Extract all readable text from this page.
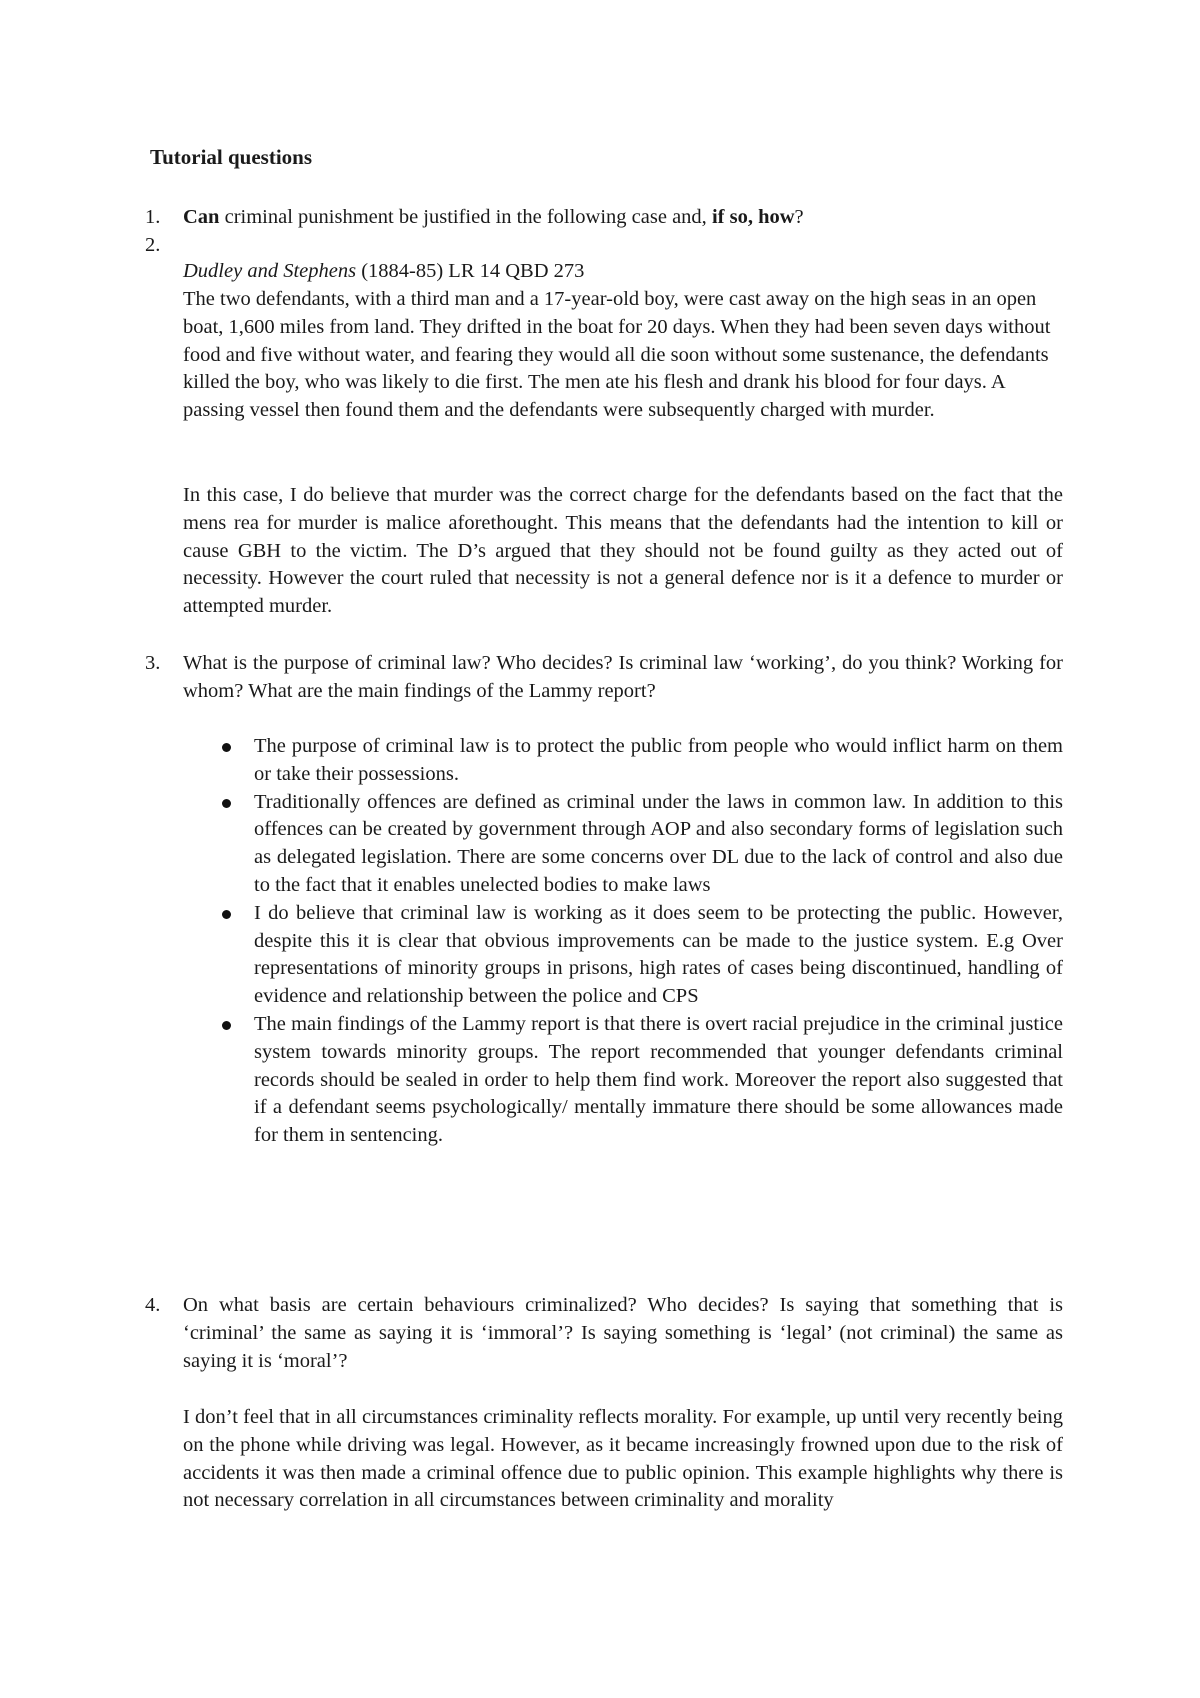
Tutorial questions
1. Can criminal punishment be justified in the following case and, if so, how?

2.

Dudley and Stephens (1884-85) LR 14 QBD 273

The two defendants, with a third man and a 17-year-old boy, were cast away on the high seas in an open boat, 1,600 miles from land. They drifted in the boat for 20 days. When they had been seven days without food and five without water, and fearing they would all die soon without some sustenance, the defendants killed the boy, who was likely to die first. The men ate his flesh and drank his blood for four days. A passing vessel then found them and the defendants were subsequently charged with murder.

In this case, I do believe that murder was the correct charge for the defendants based on the fact that the mens rea for murder is malice aforethought. This means that the defendants had the intention to kill or cause GBH to the victim. The D’s argued that they should not be found guilty as they acted out of necessity. However the court ruled that necessity is not a general defence nor is it a defence to murder or attempted murder.

3. What is the purpose of criminal law? Who decides? Is criminal law ‘working’, do you think? Working for whom? What are the main findings of the Lammy report?

The purpose of criminal law is to protect the public from people who would inflict harm on them or take their possessions.
Traditionally offences are defined as criminal under the laws in common law. In addition to this offences can be created by government through AOP and also secondary forms of legislation such as delegated legislation. There are some concerns over DL due to the lack of control and also due to the fact that it enables unelected bodies to make laws
I do believe that criminal law is working as it does seem to be protecting the public. However, despite this it is clear that obvious improvements can be made to the justice system. E.g Over representations of minority groups in prisons, high rates of cases being discontinued, handling of evidence and relationship between the police and CPS
The main findings of the Lammy report is that there is overt racial prejudice in the criminal justice system towards minority groups. The report recommended that younger defendants criminal records should be sealed in order to help them find work. Moreover the report also suggested that if a defendant seems psychologically/ mentally immature there should be some allowances made for them in sentencing.
4. On what basis are certain behaviours criminalized? Who decides? Is saying that something that is ‘criminal’ the same as saying it is ‘immoral’? Is saying something is ‘legal’ (not criminal) the same as saying it is ‘moral’?

I don’t feel that in all circumstances criminality reflects morality. For example, up until very recently being on the phone while driving was legal. However, as it became increasingly frowned upon due to the risk of accidents it was then made a criminal offence due to public opinion. This example highlights why there is not necessary correlation in all circumstances between criminality and morality
